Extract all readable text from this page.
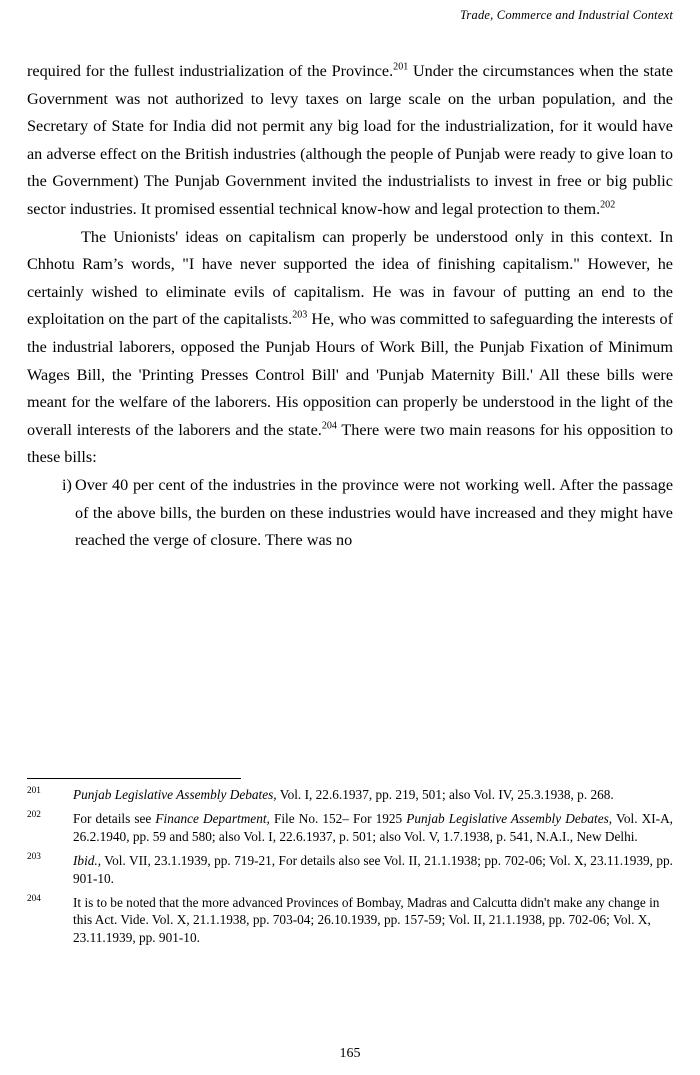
Trade, Commerce and Industrial Context

required for the fullest industrialization of the Province.$^{201}$ Under the circumstances when the state Government was not authorized to levy taxes on large scale on the urban population, and the Secretary of State for India did not permit any big load for the industrialization, for it would have an adverse effect on the British industries (although the people of Punjab were ready to give loan to the Government) The Punjab Government invited the industrialists to invest in free or big public sector industries. It promised essential technical know-how and legal protection to them.$^{202}$

The Unionists' ideas on capitalism can properly be understood only in this context. In Chhotu Ram’s words, "I have never supported the idea of finishing capitalism." However, he certainly wished to eliminate evils of capitalism. He was in favour of putting an end to the exploitation on the part of the capitalists.$^{203}$ He, who was committed to safeguarding the interests of the industrial laborers, opposed the Punjab Hours of Work Bill, the Punjab Fixation of Minimum Wages Bill, the 'Printing Presses Control Bill' and 'Punjab Maternity Bill.' All these bills were meant for the welfare of the laborers. His opposition can properly be understood in the light of the overall interests of the laborers and the state.$^{204}$ There were two main reasons for his opposition to these bills:

i) Over 40 per cent of the industries in the province were not working well. After the passage of the above bills, the burden on these industries would have increased and they might have reached the verge of closure. There was no
201	Punjab Legislative Assembly Debates, Vol. I, 22.6.1937, pp. 219, 501; also Vol. IV, 25.3.1938, p. 268.
202	For details see Finance Department, File No. 152– For 1925 Punjab Legislative Assembly Debates, Vol. XI-A, 26.2.1940, pp. 59 and 580; also Vol. I, 22.6.1937, p. 501; also Vol. V, 1.7.1938, p. 541, N.A.I., New Delhi.
203	Ibid., Vol. VII, 23.1.1939, pp. 719-21, For details also see Vol. II, 21.1.1938; pp. 702-06; Vol. X, 23.11.1939, pp. 901-10.
204	It is to be noted that the more advanced Provinces of Bombay, Madras and Calcutta didn't make any change in this Act. Vide. Vol. X, 21.1.1938, pp. 703-04; 26.10.1939, pp. 157-59; Vol. II, 21.1.1938, pp. 702-06; Vol. X, 23.11.1939, pp. 901-10.
165
